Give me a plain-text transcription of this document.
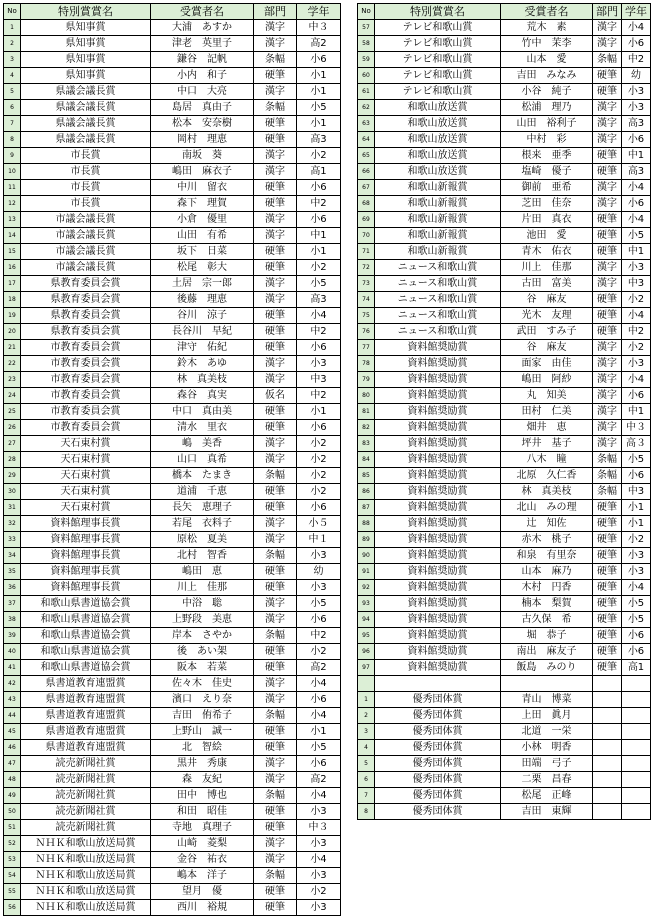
No	特別賞賞名	受賞者名	部門	学年
1	県知事賞	大浦　あすか	漢字	中３
2	県知事賞	津老　英里子	漢字	高2
3	県知事賞	鎌谷　記帆	条幅	小6
4	県知事賞	小内　和子	硬筆	小1
5	県議会議長賞	中口　大亮	漢字	小1
6	県議会議長賞	島居　真由子	条幅	小5
7	県議会議長賞	松本　安奈樹	硬筆	小1
8	県議会議長賞	岡村　理恵	硬筆	高3
9	市長賞	南坂　葵	漢字	小2
10	市長賞	嶋田　麻衣子	漢字	高1
11	市長賞	中川　留衣	硬筆	小6
12	市長賞	森下　理賀	硬筆	中2
13	市議会議長賞	小倉　優里	漢字	小6
14	市議会議長賞	山田　有希	漢字	中1
15	市議会議長賞	坂下　日菜	硬筆	小1
16	市議会議長賞	松尾　彰大	硬筆	小2
17	県教育委員会賞	土居　宗一郎	漢字	小5
18	県教育委員会賞	後藤　理恵	漢字	高3
19	県教育委員会賞	谷川　涼子	硬筆	小4
20	県教育委員会賞	長谷川　早紀	硬筆	中2
21	市教育委員会賞	津守　佑紀	硬筆	小6
22	市教育委員会賞	鈴木　あゆ	漢字	小3
23	市教育委員会賞	林　真美枝	漢字	中3
24	市教育委員会賞	森谷　真実	仮名	中2
25	市教育委員会賞	中口　真由美	硬筆	小1
26	市教育委員会賞	清水　里衣	硬筆	小6
27	天石東村賞	嶋　美香	漢字	小2
28	天石東村賞	山口　真希	漢字	小2
29	天石東村賞	橋本　たまき	条幅	小2
30	天石東村賞	道浦　千恵	硬筆	小2
31	天石東村賞	長矢　恵理子	硬筆	小6
32	資料館理事長賞	若尾　衣料子	漢字	小５
33	資料館理事長賞	原松　夏美	漢字	中１
34	資料館理事長賞	北村　智香	条幅	小3
35	資料館理事長賞	嶋田　恵	硬筆	幼
36	資料館理事長賞	川上　佳那	硬筆	小3
37	和歌山県書道協会賞	中浴　聡	漢字	小5
38	和歌山県書道協会賞	上野段　美恵	漢字	小6
39	和歌山県書道協会賞	岸本　さやか	条幅	中2
40	和歌山県書道協会賞	後　あい架	硬筆	小2
41	和歌山県書道協会賞	阪本　若菜	硬筆	高2
42	県書道教育連盟賞	佐々木　佳史	漢字	小4
43	県書道教育連盟賞	濱口　えり奈	漢字	小6
44	県書道教育連盟賞	吉田　侑希子	条幅	小4
45	県書道教育連盟賞	上野山　誠一	硬筆	小1
46	県書道教育連盟賞	北　智絵	硬筆	小5
47	読売新聞社賞	黒井　秀康	漢字	小6
48	読売新聞社賞	森　友紀	漢字	高2
49	読売新聞社賞	田中　博也	条幅	小4
50	読売新聞社賞	和田　昭佳	硬筆	小3
51	読売新聞社賞	寺地　真理子	硬筆	中３
52	ＮＨＫ和歌山放送局賞	山崎　菱梨	漢字	小3
53	ＮＨＫ和歌山放送局賞	金谷　祐衣	漢字	小4
54	ＮＨＫ和歌山放送局賞	嶋本　洋子	条幅	小3
55	ＮＨＫ和歌山放送局賞	望月　優	硬筆	小2
56	ＮＨＫ和歌山放送局賞	西川　裕規	硬筆	小3
No	特別賞賞名	受賞者名	部門	学年
57	テレビ和歌山賞	荒木　素	漢字	小4
58	テレビ和歌山賞	竹中　茉李	漢字	小6
59	テレビ和歌山賞	山本　愛	条幅	中2
60	テレビ和歌山賞	吉田　みなみ	硬筆	幼
61	テレビ和歌山賞	小谷　純子	硬筆	小3
62	和歌山放送賞	松浦　理乃	漢字	小3
63	和歌山放送賞	山田　裕利子	漢字	高3
64	和歌山放送賞	中村　彩	漢字	小6
65	和歌山放送賞	根来　亜季	硬筆	中1
66	和歌山放送賞	塩崎　優子	硬筆	高3
67	和歌山新報賞	御前　亜希	漢字	小4
68	和歌山新報賞	芝田　佳奈	漢字	小6
69	和歌山新報賞	片田　真衣	硬筆	小4
70	和歌山新報賞	池田　愛	硬筆	小5
71	和歌山新報賞	青木　佑衣	硬筆	中1
72	ニュース和歌山賞	川上　佳那	漢字	小3
73	ニュース和歌山賞	古田　富美	漢字	中3
74	ニュース和歌山賞	谷　麻友	硬筆	小2
75	ニュース和歌山賞	光木　友理	硬筆	小4
76	ニュース和歌山賞	武田　すみ子	硬筆	中2
77	資料館奨励賞	谷　麻友	漢字	小2
78	資料館奨励賞	面家　由佳	漢字	小3
79	資料館奨励賞	嶋田　阿紗	漢字	小4
80	資料館奨励賞	丸　知美	漢字	小6
81	資料館奨励賞	田村　仁美	漢字	中1
82	資料館奨励賞	畑井　恵	漢字	中３
83	資料館奨励賞	坪井　基子	漢字	高３
84	資料館奨励賞	八木　瞳	条幅	小5
85	資料館奨励賞	北原　久仁香	条幅	小6
86	資料館奨励賞	林　真美枝	条幅	中3
87	資料館奨励賞	北山　みの理	硬筆	小1
88	資料館奨励賞	辻　知佐	硬筆	小1
89	資料館奨励賞	赤木　桃子	硬筆	小2
90	資料館奨励賞	和泉　有里奈	硬筆	小3
91	資料館奨励賞	山本　麻乃	硬筆	小3
92	資料館奨励賞	木村　円香	硬筆	小4
93	資料館奨励賞	楠本　梨賀	硬筆	小5
94	資料館奨励賞	古久保　希	硬筆	小5
95	資料館奨励賞	堀　恭子	硬筆	小6
96	資料館奨励賞	南出　麻友子	硬筆	小6
97	資料館奨励賞	飯島　みのり	硬筆	高1

1	優秀団体賞	青山　博菜		
2	優秀団体賞	上田　眞月		
3	優秀団体賞	北道　一栄		
4	優秀団体賞	小林　明香		
5	優秀団体賞	田端　弓子		
6	優秀団体賞	二栗　昌春		
7	優秀団体賞	松尾　正峰		
8	優秀団体賞	吉田　東輝		
